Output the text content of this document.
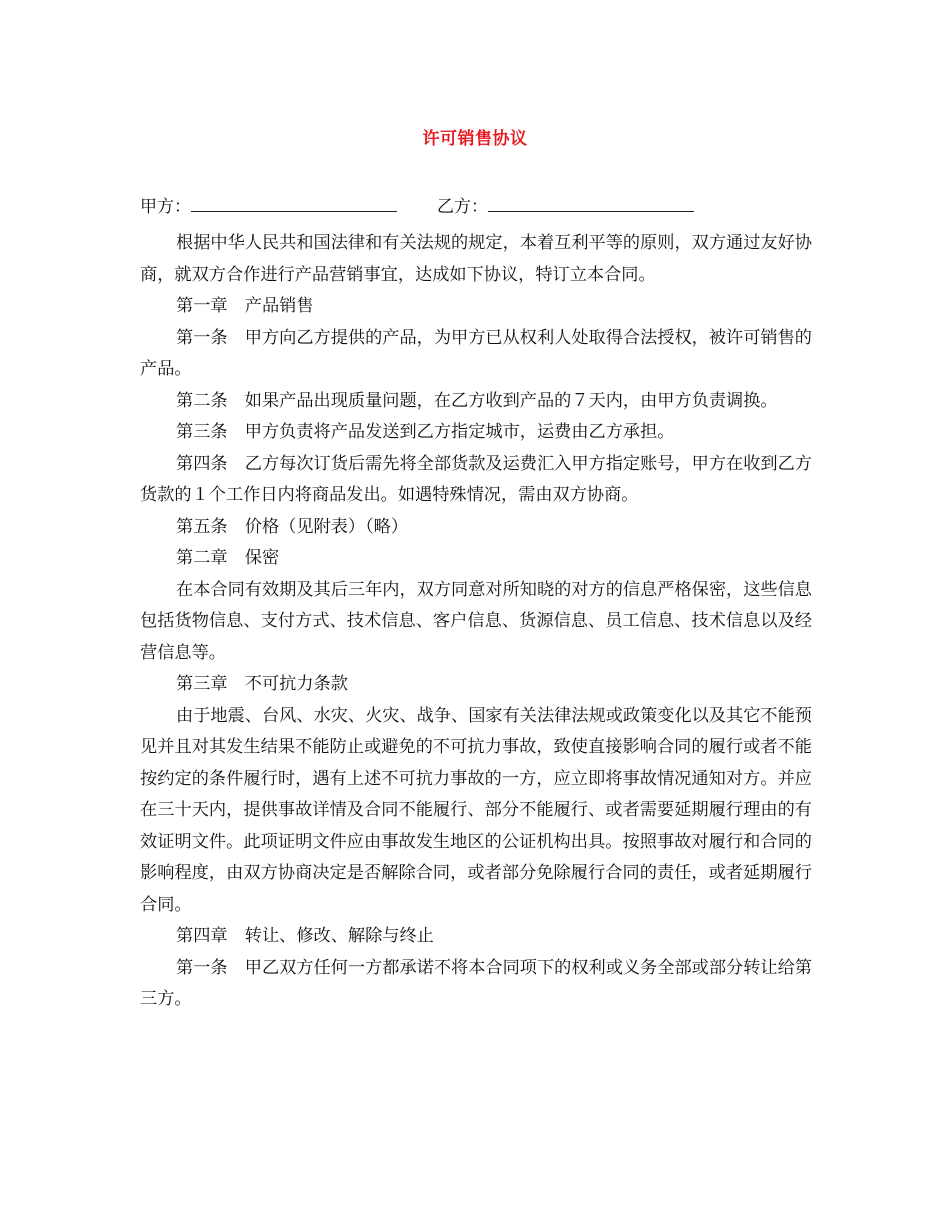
许可销售协议
甲方：	乙方：

根据中华人民共和国法律和有关法规的规定，本着互利平等的原则，双方通过友好协商，就双方合作进行产品营销事宜，达成如下协议，特订立本合同。

第一章　产品销售

第一条　甲方向乙方提供的产品，为甲方已从权利人处取得合法授权，被许可销售的产品。

第二条　如果产品出现质量问题，在乙方收到产品的７天内，由甲方负责调换。

第三条　甲方负责将产品发送到乙方指定城市，运费由乙方承担。

第四条　乙方每次订货后需先将全部货款及运费汇入甲方指定账号，甲方在收到乙方货款的１个工作日内将商品发出。如遇特殊情况，需由双方协商。

第五条　价格（见附表）（略）

第二章　保密

在本合同有效期及其后三年内，双方同意对所知晓的对方的信息严格保密，这些信息包括货物信息、支付方式、技术信息、客户信息、货源信息、员工信息、技术信息以及经营信息等。

第三章　不可抗力条款

由于地震、台风、水灾、火灾、战争、国家有关法律法规或政策变化以及其它不能预见并且对其发生结果不能防止或避免的不可抗力事故，致使直接影响合同的履行或者不能按约定的条件履行时，遇有上述不可抗力事故的一方，应立即将事故情况通知对方。并应在三十天内，提供事故详情及合同不能履行、部分不能履行、或者需要延期履行理由的有效证明文件。此项证明文件应由事故发生地区的公证机构出具。按照事故对履行和合同的影响程度，由双方协商决定是否解除合同，或者部分免除履行合同的责任，或者延期履行合同。

第四章　转让、修改、解除与终止

第一条　甲乙双方任何一方都承诺不将本合同项下的权利或义务全部或部分转让给第三方。
